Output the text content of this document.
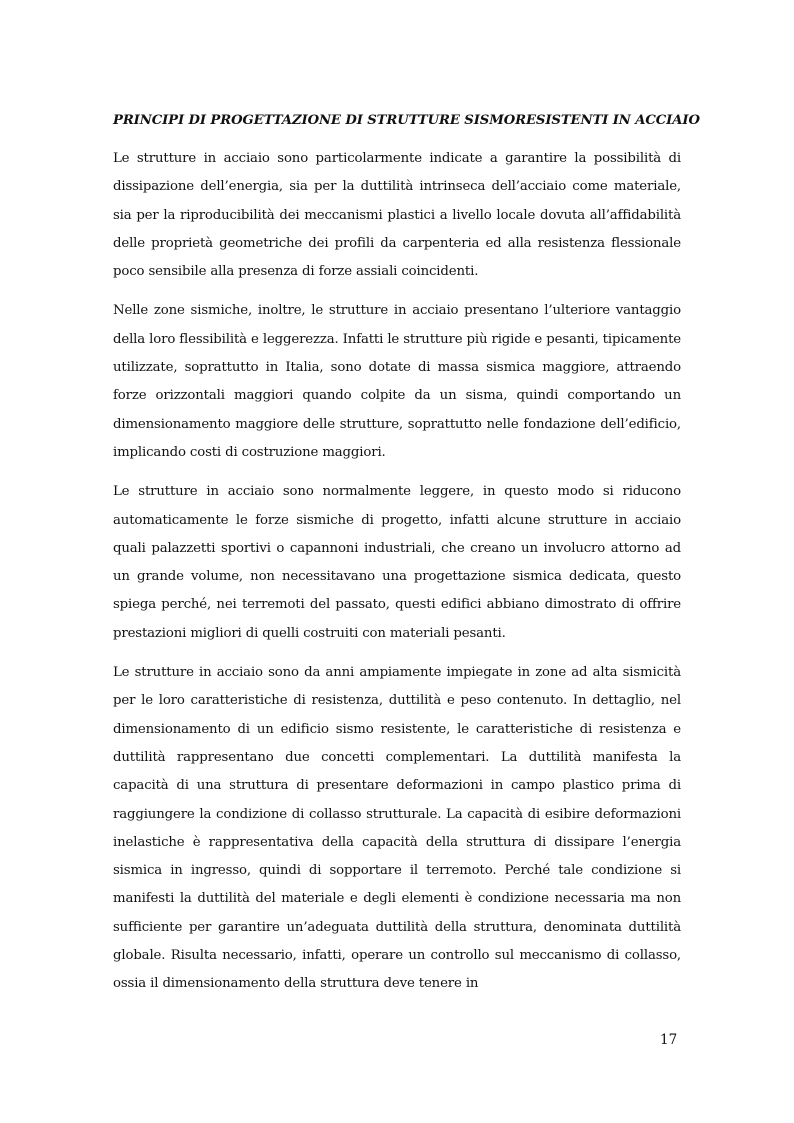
PRINCIPI DI PROGETTAZIONE DI STRUTTURE SISMORESISTENTI IN ACCIAIO

Le strutture in acciaio sono particolarmente indicate a garantire la possibilità di dissipazione dell’energia, sia per la duttilità intrinseca dell’acciaio come materiale, sia per la riproducibilità dei meccanismi plastici a livello locale dovuta all’affidabilità delle proprietà geometriche dei profili da carpenteria ed alla resistenza flessionale poco sensibile alla presenza di forze assiali coincidenti.

Nelle zone sismiche, inoltre, le strutture in acciaio presentano l’ulteriore vantaggio della loro flessibilità e leggerezza. Infatti le strutture più rigide e pesanti, tipicamente utilizzate, soprattutto in Italia, sono dotate di massa sismica maggiore, attraendo forze orizzontali maggiori quando colpite da un sisma, quindi comportando un dimensionamento maggiore delle strutture, soprattutto nelle fondazione dell’edificio, implicando costi di costruzione maggiori.

Le strutture in acciaio sono normalmente leggere, in questo modo si riducono automaticamente le forze sismiche di progetto, infatti alcune strutture in acciaio quali palazzetti sportivi o capannoni industriali, che creano un involucro attorno ad un grande volume, non necessitavano una progettazione sismica dedicata, questo spiega perché, nei terremoti del passato, questi edifici abbiano dimostrato di offrire prestazioni migliori di quelli costruiti con materiali pesanti.

Le strutture in acciaio sono da anni ampiamente impiegate in zone ad alta sismicità per le loro caratteristiche di resistenza, duttilità e peso contenuto. In dettaglio, nel dimensionamento di un edificio sismo resistente, le caratteristiche di resistenza e duttilità rappresentano due concetti complementari. La duttilità manifesta la capacità di una struttura di presentare deformazioni in campo plastico prima di raggiungere la condizione di collasso strutturale. La capacità di esibire deformazioni inelastiche è rappresentativa della capacità della struttura di dissipare l’energia sismica in ingresso, quindi di sopportare il terremoto. Perché tale condizione si manifesti la duttilità del materiale e degli elementi è condizione necessaria ma non sufficiente per garantire un’adeguata duttilità della struttura, denominata duttilità globale. Risulta necessario, infatti, operare un controllo sul meccanismo di collasso, ossia il dimensionamento della struttura deve tenere in

17
